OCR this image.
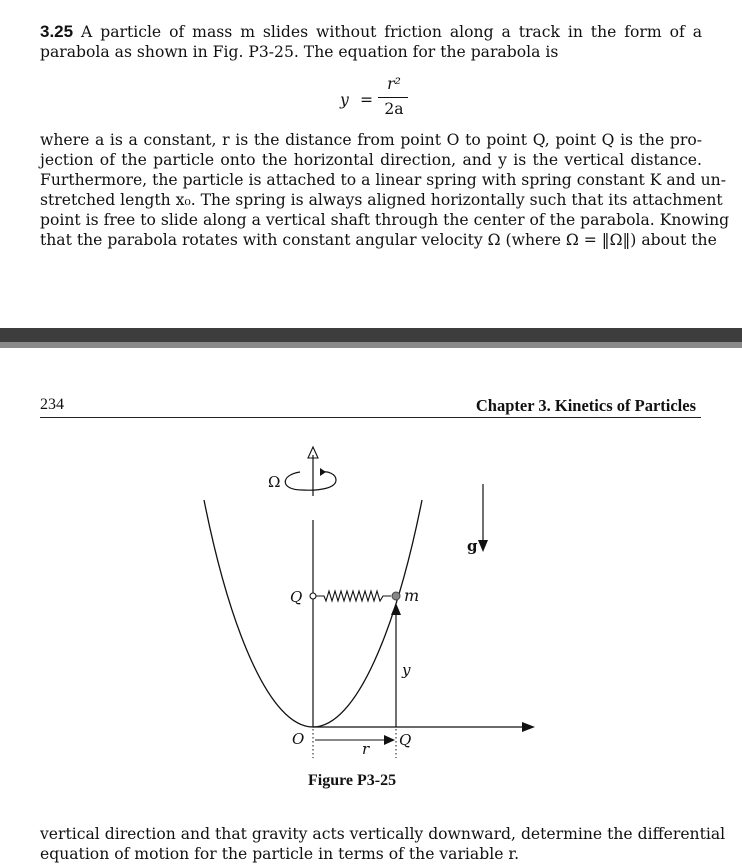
3.25 A particle of mass m slides without friction along a track in the form of a
parabola as shown in Fig. P3-25. The equation for the parabola is
y =
r²
2a
where a is a constant, r is the distance from point O to point Q, point Q is the pro-
jection of the particle onto the horizontal direction, and y is the vertical distance.
Furthermore, the particle is attached to a linear spring with spring constant K and un-
stretched length x₀. The spring is always aligned horizontally such that its attachment
point is free to slide along a vertical shaft through the center of the parabola. Knowing
that the parabola rotates with constant angular velocity Ω (where Ω = ‖Ω‖) about the
234	Chapter 3. Kinetics of Particles
Ω
Q	m
y
O
r Q
g
Figure P3-25
vertical direction and that gravity acts vertically downward, determine the differential
equation of motion for the particle in terms of the variable r.
